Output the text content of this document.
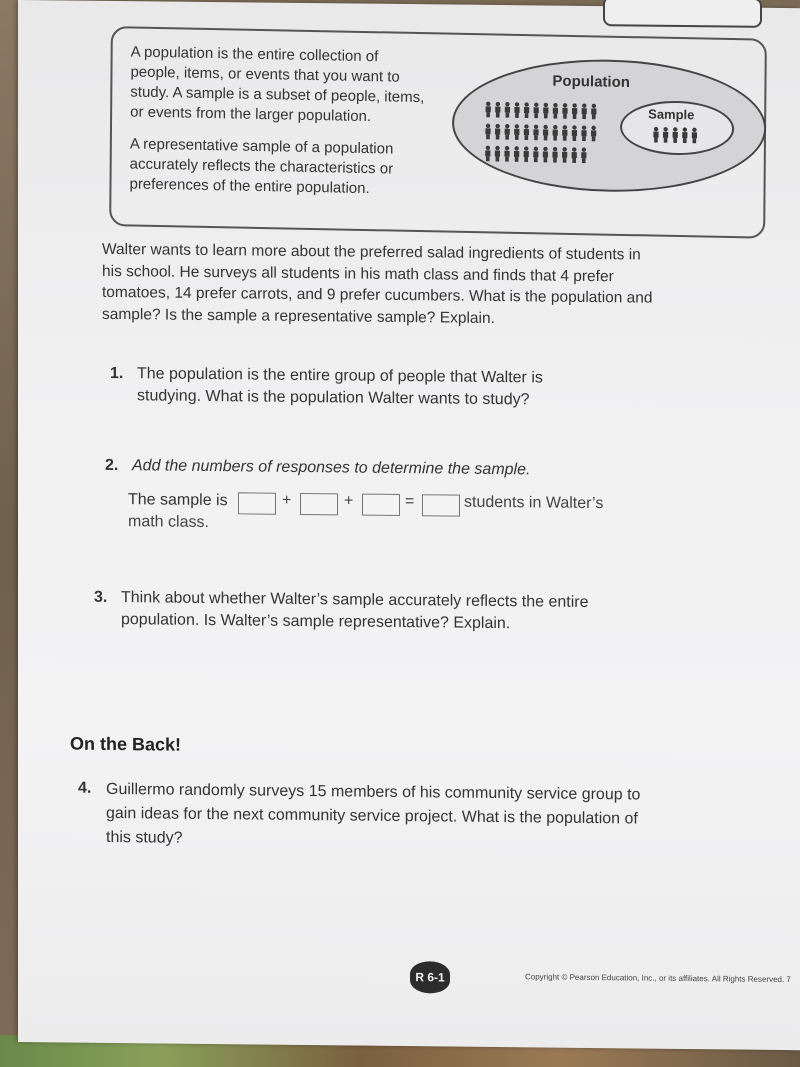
A population is the entire collection of people, items, or events that you want to study. A sample is a subset of people, items, or events from the larger population.

A representative sample of a population accurately reflects the characteristics or preferences of the entire population.

Population
Sample
Walter wants to learn more about the preferred salad ingredients of students in his school. He surveys all students in his math class and finds that 4 prefer tomatoes, 14 prefer carrots, and 9 prefer cucumbers. What is the population and sample? Is the sample a representative sample? Explain.
1. The population is the entire group of people that Walter is studying. What is the population Walter wants to study?
2. Add the numbers of responses to determine the sample.
The sample is	+	+	=	students in Walter’s
math class.
3. Think about whether Walter’s sample accurately reflects the entire population. Is Walter’s sample representative? Explain.
On the Back!
4. Guillermo randomly surveys 15 members of his community service group to gain ideas for the next community service project. What is the population of this study?
R 6-1	Copyright © Pearson Education, Inc., or its affiliates. All Rights Reserved. 7
